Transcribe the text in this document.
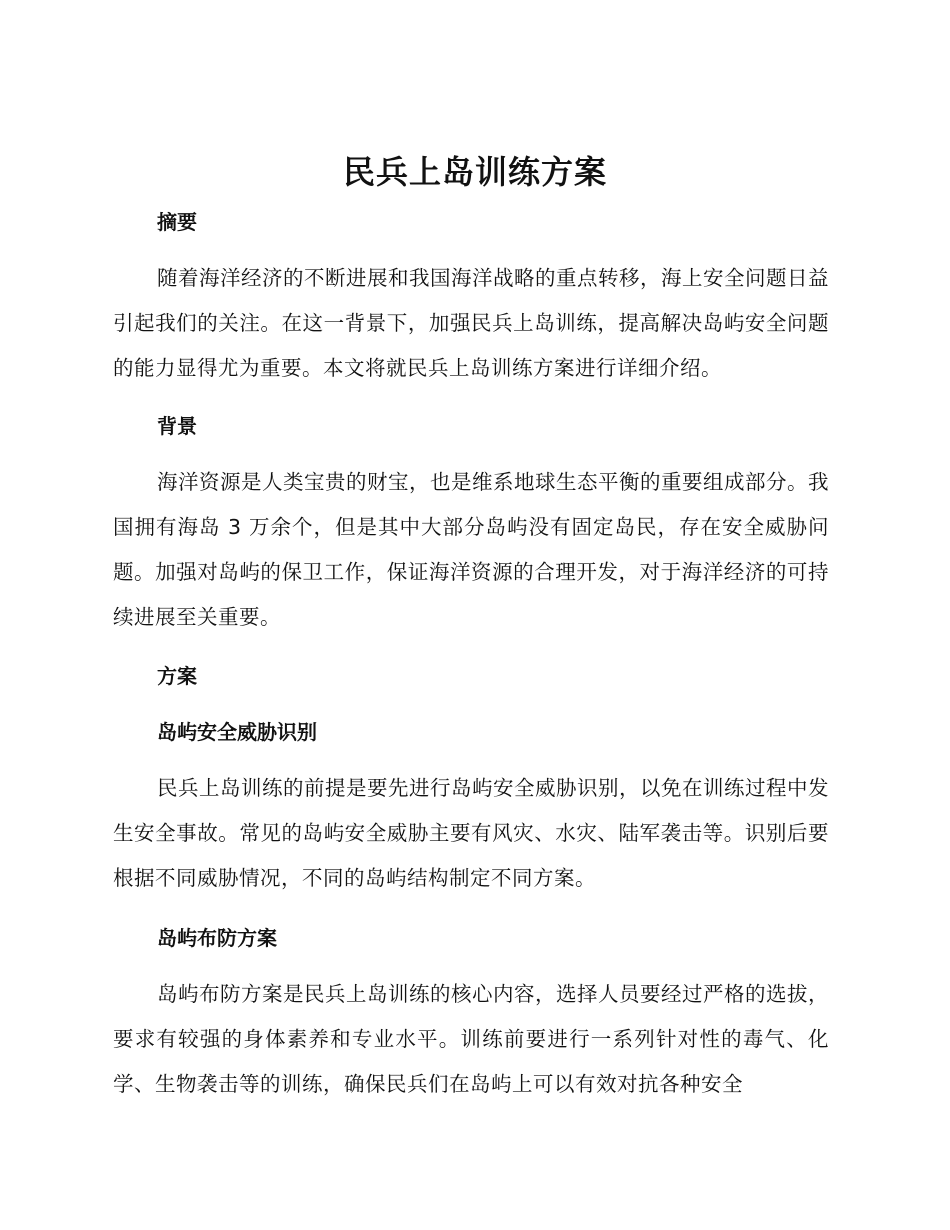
民兵上岛训练方案
摘要

随着海洋经济的不断进展和我国海洋战略的重点转移，海上安全问题日益引起我们的关注。在这一背景下，加强民兵上岛训练，提高解决岛屿安全问题的能力显得尤为重要。本文将就民兵上岛训练方案进行详细介绍。

背景

海洋资源是人类宝贵的财宝，也是维系地球生态平衡的重要组成部分。我国拥有海岛 3 万余个，但是其中大部分岛屿没有固定岛民，存在安全威胁问题。加强对岛屿的保卫工作，保证海洋资源的合理开发，对于海洋经济的可持续进展至关重要。

方案
岛屿安全威胁识别

民兵上岛训练的前提是要先进行岛屿安全威胁识别，以免在训练过程中发生安全事故。常见的岛屿安全威胁主要有风灾、水灾、陆军袭击等。识别后要根据不同威胁情况，不同的岛屿结构制定不同方案。

岛屿布防方案

岛屿布防方案是民兵上岛训练的核心内容，选择人员要经过严格的选拔，要求有较强的身体素养和专业水平。训练前要进行一系列针对性的毒气、化学、生物袭击等的训练，确保民兵们在岛屿上可以有效对抗各种安全
